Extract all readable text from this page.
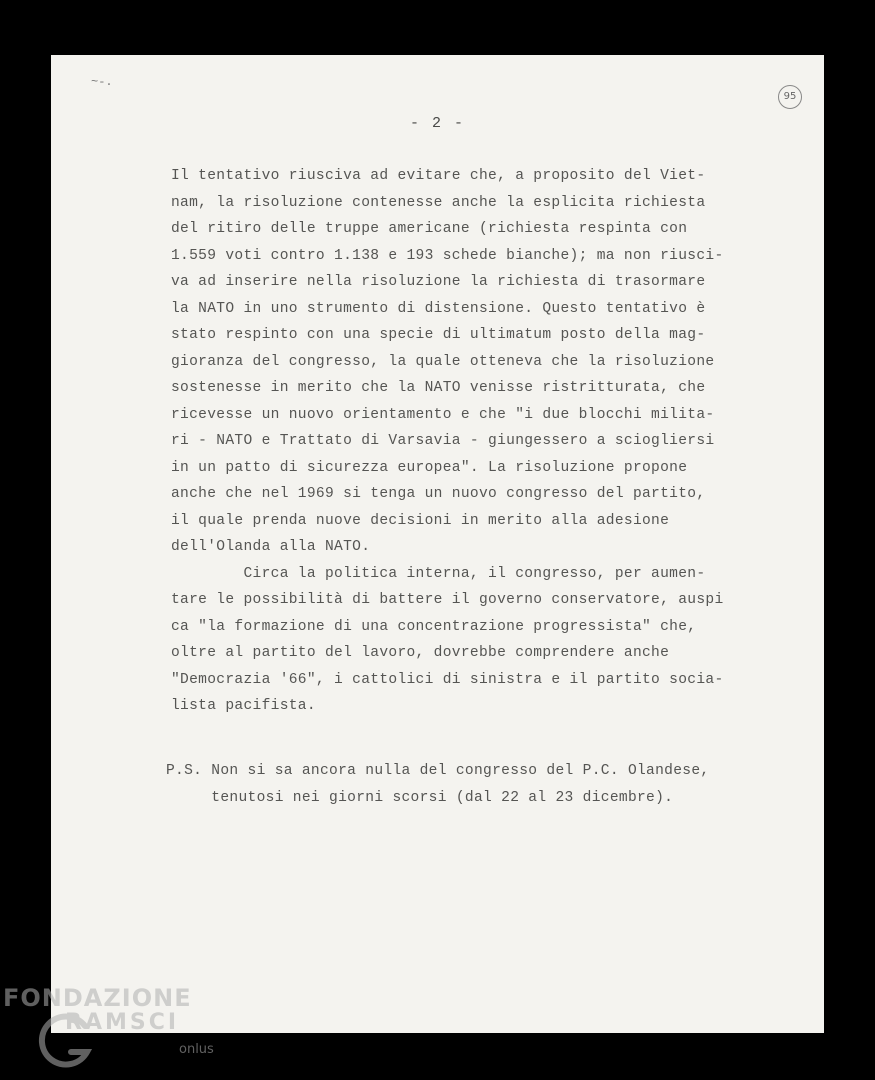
~-.
95
- 2 -
Il tentativo riusciva ad evitare che, a proposito del Viet-
nam, la risoluzione contenesse anche la esplicita richiesta
del ritiro delle truppe americane (richiesta respinta con
1.559 voti contro 1.138 e 193 schede bianche); ma non riusci-
va ad inserire nella risoluzione la richiesta di trasormare
la NATO in uno strumento di distensione. Questo tentativo è
stato respinto con una specie di ultimatum posto della mag-
gioranza del congresso, la quale otteneva che la risoluzione
sostenesse in merito che la NATO venisse ristritturata, che
ricevesse un nuovo orientamento e che "i due blocchi milita-
ri - NATO e Trattato di Varsavia - giungessero a sciogliersi
in un patto di sicurezza europea". La risoluzione propone
anche che nel 1969 si tenga un nuovo congresso del partito,
il quale prenda nuove decisioni in merito alla adesione
dell'Olanda alla NATO.
Circa la politica interna, il congresso, per aumen-
tare le possibilità di battere il governo conservatore, auspi
ca "la formazione di una concentrazione progressista" che,
oltre al partito del lavoro, dovrebbe comprendere anche
"Democrazia '66", i cattolici di sinistra e il partito socia-
lista pacifista.
P.S. Non si sa ancora nulla del congresso del P.C. Olandese,
tenutosi nei giorni scorsi (dal 22 al 23 dicembre).
FONDAZIONE
RAMSCI
onlus
